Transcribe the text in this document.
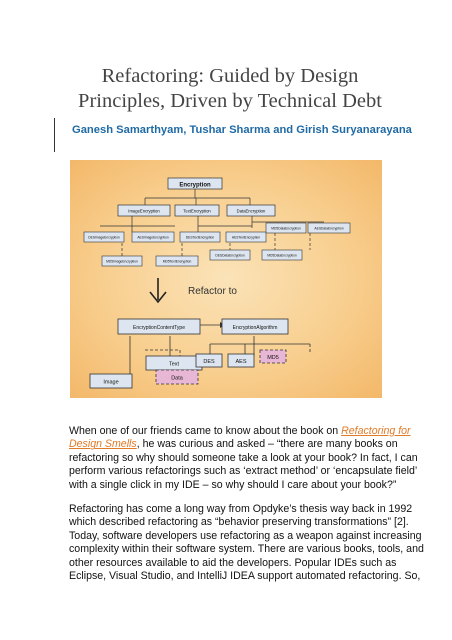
Refactoring: Guided by Design
Principles, Driven by Technical Debt
Ganesh Samarthyam, Tushar Sharma and Girish Suryanarayana
Encryption
ImageEncryption	TextEncryption	DataEncryption
DESImageEncryption	AESImageEncryption	DESTextEncryption	AESTextEncryption
MD5DataEncryption	AESDataEncryption
MD5ImageEncryption	MD5TextEncryption
DESDataEncryption	MD5DataEncryption
Refactor to
EncryptionContentType	EncryptionAlgorithm
Text
Image
Data
DES	AES
MD5
When one of our friends came to know about the book on Refactoring for
Design Smells, he was curious and asked – “there are many books on
refactoring so why should someone take a look at your book? In fact, I can
perform various refactorings such as ‘extract method’ or ‘encapsulate field’
with a single click in my IDE – so why should I care about your book?”
Refactoring has come a long way from Opdyke’s thesis way back in 1992
which described refactoring as “behavior preserving transformations” [2].
Today, software developers use refactoring as a weapon against increasing
complexity within their software system. There are various books, tools, and
other resources available to aid the developers. Popular IDEs such as
Eclipse, Visual Studio, and IntelliJ IDEA support automated refactoring. So,
